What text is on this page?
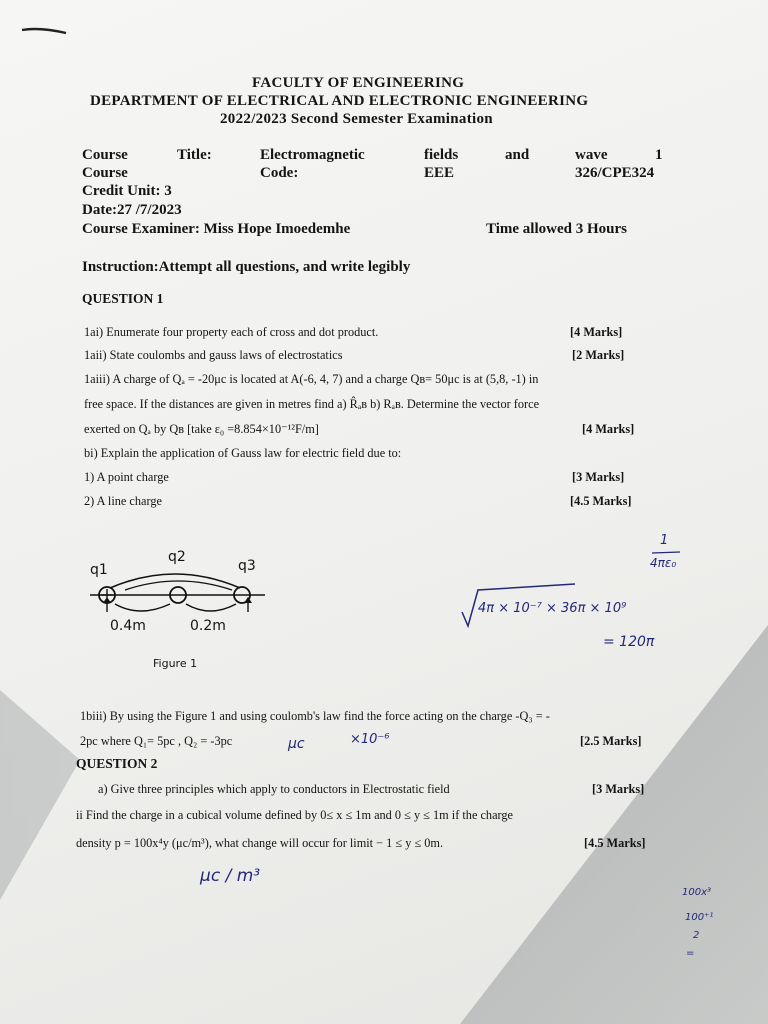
FACULTY OF ENGINEERING
DEPARTMENT OF ELECTRICAL AND ELECTRONIC ENGINEERING
2022/2023 Second Semester Examination
Course	Title:	Electromagnetic	fields	and	wave	1
Course	Code:	EEE	326/CPE324
Credit Unit: 3
Date:27 /7/2023
Course Examiner: Miss Hope Imoedemhe	Time allowed 3 Hours
Instruction:Attempt all questions, and write legibly
QUESTION 1
1ai) Enumerate four property each of cross and dot product.	[4 Marks]
1aii) State coulombs and gauss laws of electrostatics	[2 Marks]
1aiii) A charge of Qₐ = -20μc is located at A(-6, 4, 7) and a charge Qʙ= 50μc is at (5,8, -1) in
free space. If the distances are given in metres find a) R̂ₐʙ b) Rₐʙ. Determine the vector force
exerted on Qₐ by Qʙ [take ε₀ =8.854×10⁻¹²F/m]	[4 Marks]
bi) Explain the application of Gauss law for electric field due to:
1) A point charge	[3 Marks]
2) A line charge	[4.5 Marks]
q1
q2
q3
0.4m	0.2m
Figure 1
1
4πε₀
4π × 10⁻⁷ × 36π × 10⁹
= 120π
1biii) By using the Figure 1 and using coulomb's law find the force acting on the charge -Q₃ = -
2pc where Q₁= 5pc , Q₂ = -3pc	[2.5 Marks]
μc	×10⁻⁶
QUESTION 2
a) Give three principles which apply to conductors in Electrostatic field	[3 Marks]
ii Find the charge in a cubical volume defined by 0≤ x ≤ 1m and 0 ≤ y ≤ 1m if the charge
density p = 100x⁴y (μc/m³), what change will occur for limit − 1 ≤ y ≤ 0m.	[4.5 Marks]
μc / m³
100x³
100⁺¹
2
=
